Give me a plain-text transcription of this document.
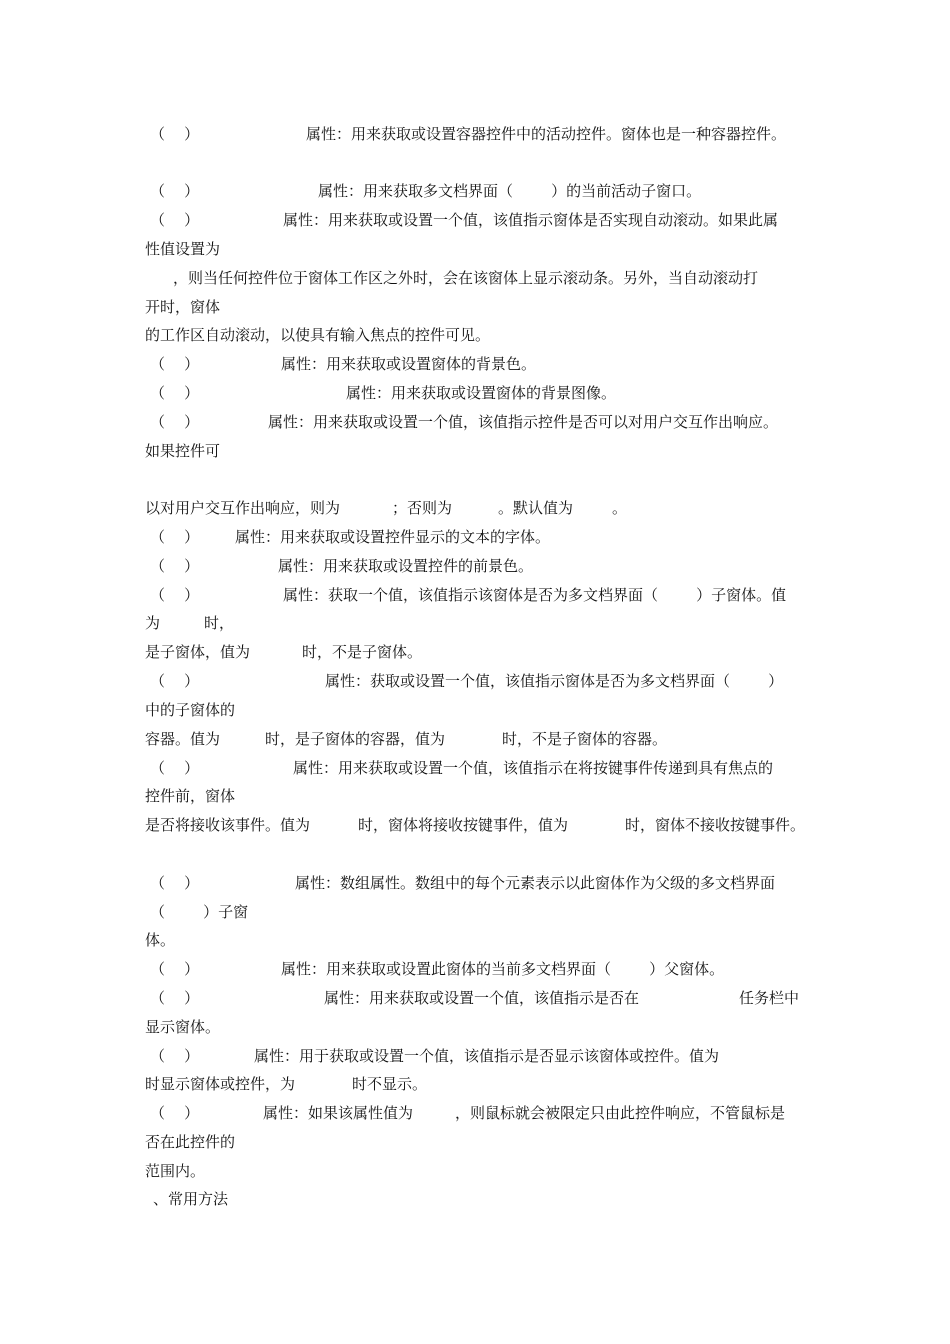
（    ）	属性：用来获取或设置容器控件中的活动控件。窗体也是一种容器控件。
（    ）	属性：用来获取多文档界面（        ）的当前活动子窗口。
（    ）	属性：用来获取或设置一个值，该值指示窗体是否实现自动滚动。如果此属
性值设置为
，则当任何控件位于窗体工作区之外时，会在该窗体上显示滚动条。另外，当自动滚动打
开时，窗体
的工作区自动滚动，以使具有输入焦点的控件可见。
（    ）	属性：用来获取或设置窗体的背景色。
（    ）	属性：用来获取或设置窗体的背景图像。
（    ）	属性：用来获取或设置一个值，该值指示控件是否可以对用户交互作出响应。
如果控件可
以对用户交互作出响应，则为	；否则为	。默认值为	。
（    ） 属性：用来获取或设置控件显示的文本的字体。
（    ）	属性：用来获取或设置控件的前景色。
（    ）	属性：获取一个值，该值指示该窗体是否为多文档界面（        ）子窗体。值
为	时，
是子窗体，值为	时，不是子窗体。
（    ）	属性：获取或设置一个值，该值指示窗体是否为多文档界面（        ）
中的子窗体的
容器。值为	时，是子窗体的容器，值为	时，不是子窗体的容器。
（    ）	属性：用来获取或设置一个值，该值指示在将按键事件传递到具有焦点的
控件前，窗体
是否将接收该事件。值为	时，窗体将接收按键事件，值为	时，窗体不接收按键事件。
（    ）	属性：数组属性。数组中的每个元素表示以此窗体作为父级的多文档界面
（        ）子窗
体。
（    ）	属性：用来获取或设置此窗体的当前多文档界面（        ）父窗体。
（    ）	属性：用来获取或设置一个值，该值指示是否在	任务栏中
显示窗体。
（    ）	属性：用于获取或设置一个值，该值指示是否显示该窗体或控件。值为
时显示窗体或控件，为	时不显示。
（    ）	属性：如果该属性值为	，则鼠标就会被限定只由此控件响应，不管鼠标是
否在此控件的
范围内。
、常用方法
